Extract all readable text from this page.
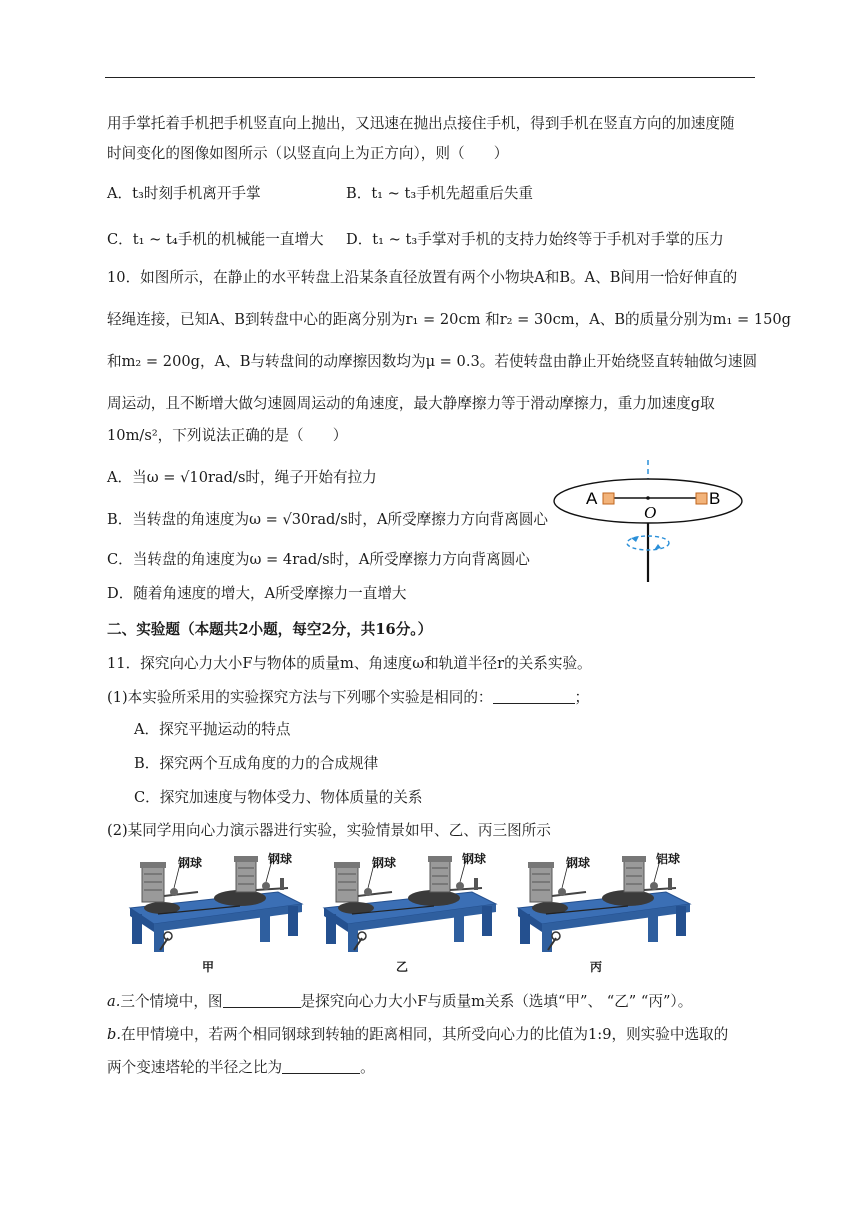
用手掌托着手机把手机竖直向上抛出，又迅速在抛出点接住手机，得到手机在竖直方向的加速度随
时间变化的图像如图所示（以竖直向上为正方向），则（　　）
A．t₃时刻手机离开手掌	B．t₁ ~ t₃手机先超重后失重
C．t₁ ~ t₄手机的机械能一直增大 D．t₁ ~ t₃手掌对手机的支持力始终等于手机对手掌的压力
10．如图所示，在静止的水平转盘上沿某条直径放置有两个小物块A和B。A、B间用一恰好伸直的
轻绳连接，已知A、B到转盘中心的距离分别为r₁ = 20cm 和r₂ = 30cm，A、B的质量分别为m₁ = 150g
和m₂ = 200g，A、B与转盘间的动摩擦因数均为μ = 0.3。若使转盘由静止开始绕竖直转轴做匀速圆
周运动，且不断增大做匀速圆周运动的角速度，最大静摩擦力等于滑动摩擦力，重力加速度g取
10m/s²，下列说法正确的是（　　）
A．当ω = √10rad/s时，绳子开始有拉力
B．当转盘的角速度为ω = √30rad/s时，A所受摩擦力方向背离圆心
C．当转盘的角速度为ω = 4rad/s时，A所受摩擦力方向背离圆心
D．随着角速度的增大，A所受摩擦力一直增大
A	B
O
二、实验题（本题共2小题，每空2分，共16分。）
11．探究向心力大小F与物体的质量m、角速度ω和轨道半径r的关系实验。
(1)本实验所采用的实验探究方法与下列哪个实验是相同的：	；
A．探究平抛运动的特点
B．探究两个互成角度的力的合成规律
C．探究加速度与物体受力、物体质量的关系
(2)某同学用向心力演示器进行实验，实验情景如甲、乙、丙三图所示
钢球	钢球
甲
钢球	钢球
乙
钢球	铝球
丙
a.三个情境中，图	是探究向心力大小F与质量m关系（选填“甲”、 “乙” “丙”）。
b.在甲情境中，若两个相同钢球到转轴的距离相同，其所受向心力的比值为1:9，则实验中选取的
两个变速塔轮的半径之比为	。
